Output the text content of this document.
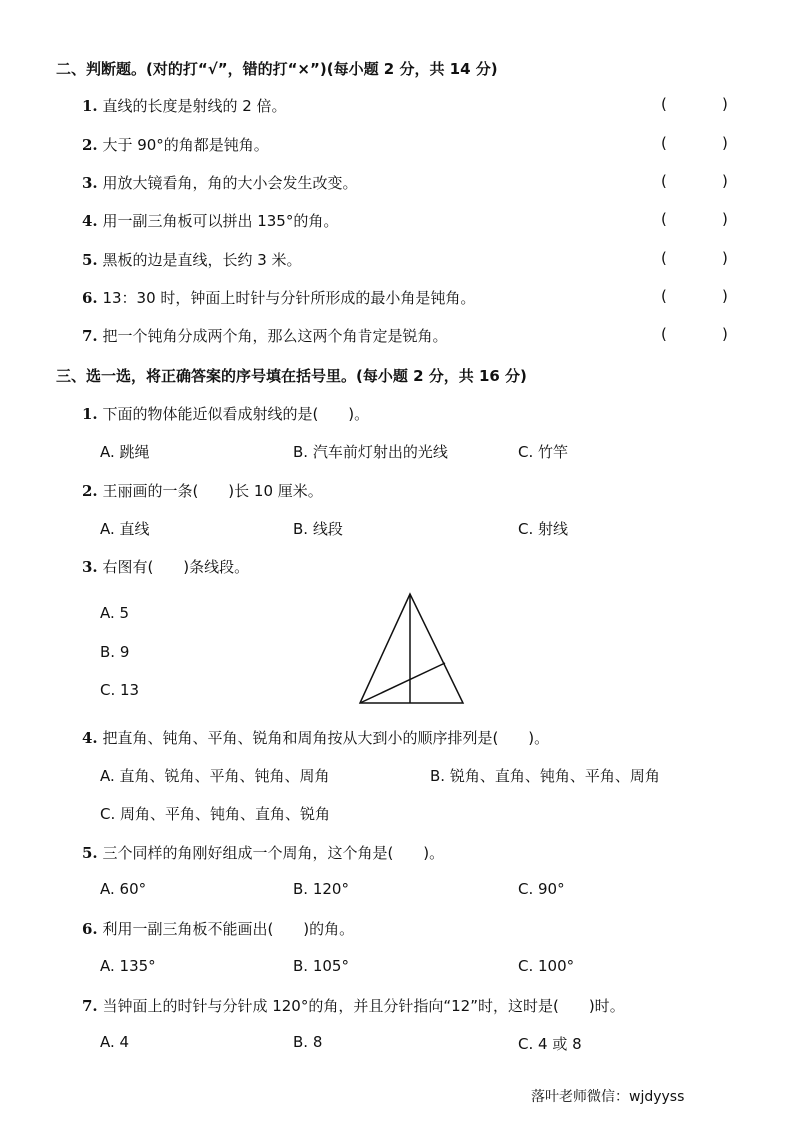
二、判断题。(对的打“√”，错的打“×”)(每小题 2 分，共 14 分)
1. 直线的长度是射线的 2 倍。	(	)
2. 大于 90°的角都是钝角。	(	)
3. 用放大镜看角，角的大小会发生改变。	(	)
4. 用一副三角板可以拼出 135°的角。	(	)
5. 黑板的边是直线，长约 3 米。	(	)
6. 13：30 时，钟面上时针与分针所形成的最小角是钝角。	(	)
7. 把一个钝角分成两个角，那么这两个角肯定是锐角。	(	)
三、选一选，将正确答案的序号填在括号里。(每小题 2 分，共 16 分)
1. 下面的物体能近似看成射线的是(　　)。
A. 跳绳	B. 汽车前灯射出的光线	C. 竹竿
2. 王丽画的一条(　　)长 10 厘米。
A. 直线	B. 线段	C. 射线
3. 右图有(　　)条线段。
A. 5
B. 9
C. 13
4. 把直角、钝角、平角、锐角和周角按从大到小的顺序排列是(　　)。
A. 直角、锐角、平角、钝角、周角	B. 锐角、直角、钝角、平角、周角
C. 周角、平角、钝角、直角、锐角
5. 三个同样的角刚好组成一个周角，这个角是(　　)。
A. 60°	B. 120°	C. 90°
6. 利用一副三角板不能画出(　　)的角。
A. 135°	B. 105°	C. 100°
7. 当钟面上的时针与分针成 120°的角，并且分针指向“12”时，这时是(　　)时。
A. 4	B. 8	C. 4 或 8
落叶老师微信：wjdyyss
